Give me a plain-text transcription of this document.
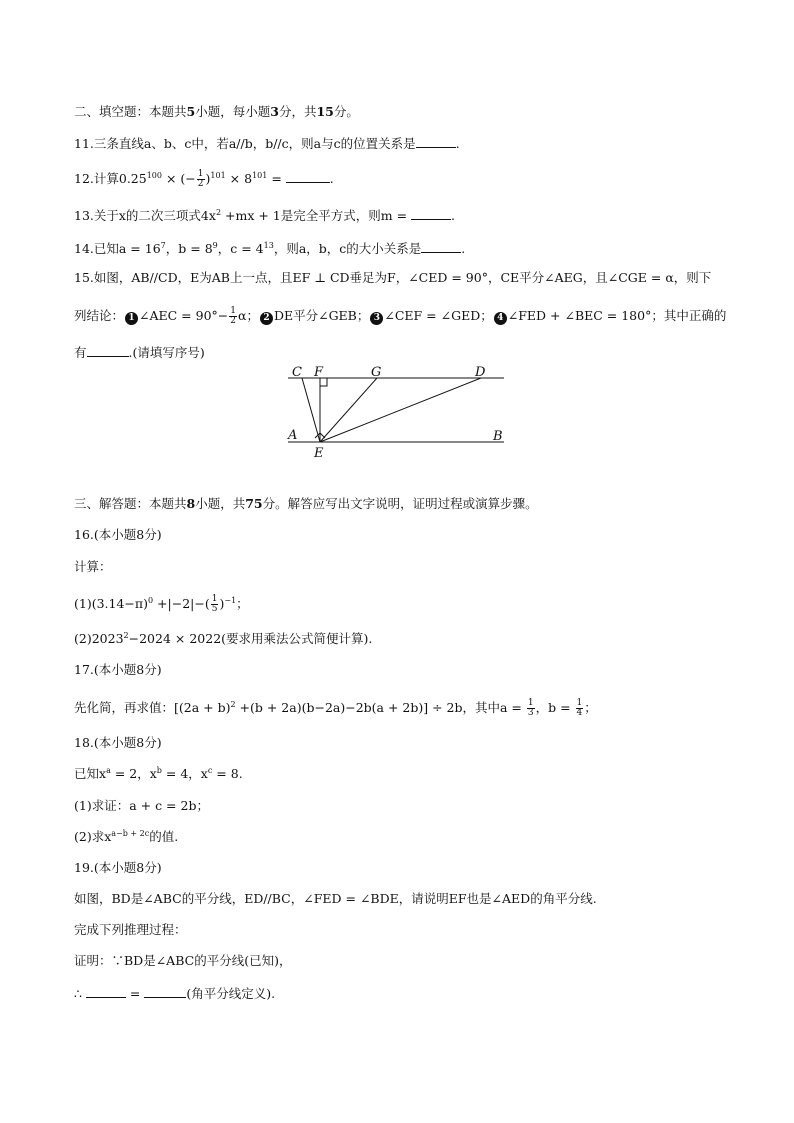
二、填空题：本题共5小题，每小题3分，共15分。
11.三条直线a、b、c中，若a//b，b//c，则a与c的位置关系是	.
12.计算$0.25^{100}$ × (− $\frac{1}{2} )^{101} \times 8^{101}$ =	.
13.关于x的二次三项式$4x^2 +mx + 1$是完全平方式，则m =	.
14.已知$a = 16^7$，$b = 8^9$，$c = 4^{13}$，则a，b，c的大小关系是	.
15.如图，AB//CD，E为AB上一点，且EF ⊥ CD垂足为F，∠CED = 90°，CE平分∠AEG，且∠CGE = α，则下
列结论： 1 ∠AEC = $90^\circ- \frac{1}{2}$ α； 2 DE平分∠GEB； 3 ∠CEF = ∠GED； 4 ∠FED + ∠BEC = 180°；其中正确的
有	.(请填写序号)
C F	G	D
A
E
B
三、解答题：本题共8小题，共75分。解答应写出文字说明，证明过程或演算步骤。
16.(本小题8分)
计算：
$(1)(3.14-\pi)^0 +|-2|-( \frac{1}{5} )^{-1}$；
$(2)2023^2-2024 \times 2022$(要求用乘法公式简便计算).
17.(本小题8分)
先化简，再求值：$[(2a + b)^2 +(b + 2a)(b-2a)-2b(a + 2b)] \div 2b$，其中$a = \frac{1}{3}$ ，$b = \frac{1}{4}$ ；
18.(本小题8分)
已知$x^a = 2$，$x^b = 4$，$x^c = 8$.
(1)求证：a + c = 2b；
(2)求$x^{a-b + 2c}$的值.
19.(本小题8分)
如图，BD是∠ABC的平分线，ED//BC，∠FED = ∠BDE，请说明EF也是∠AED的角平分线.
完成下列推理过程：
证明：∵BD是∠ABC的平分线(已知)，
∴	=	(角平分线定义).
